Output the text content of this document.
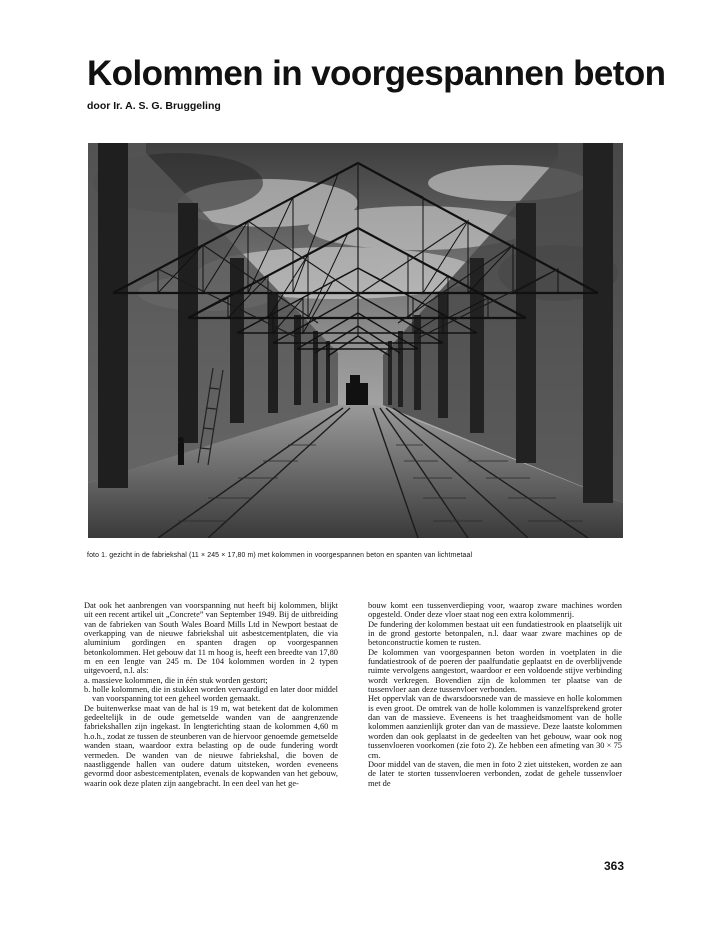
Kolommen in voorgespannen beton
door Ir. A. S. G. Bruggeling
foto 1. gezicht in de fabriekshal (11 × 245 × 17,80 m) met kolommen in voorgespannen beton en spanten van lichtmetaal

Dat ook het aanbrengen van voorspanning nut heeft bij kolommen, blijkt uit een recent artikel uit „Concrete” van September 1949. Bij de uitbreiding van de fabrieken van South Wales Board Mills Ltd in Newport bestaat de overkapping van de nieuwe fabriekshal uit asbestcementplaten, die via aluminium gordingen en spanten dragen op voorgespannen betonkolommen. Het gebouw dat 11 m hoog is, heeft een breedte van 17,80 m en een lengte van 245 m. De 104 kolommen worden in 2 typen uitgevoerd, n.l. als:

a. massieve kolommen, die in één stuk worden gestort;

b. holle kolommen, die in stukken worden vervaardigd en later door middel van voorspanning tot een geheel worden gemaakt.

De buitenwerkse maat van de hal is 19 m, wat betekent dat de kolommen gedeeltelijk in de oude gemetselde wanden van de aangrenzende fabriekshallen zijn ingekast. In lengterichting staan de kolommen 4,60 m h.o.h., zodat ze tussen de steunberen van de hiervoor genoemde gemetselde wanden staan, waardoor extra belasting op de oude fundering wordt vermeden. De wanden van de nieuwe fabriekshal, die boven de naastliggende hallen van oudere datum uitsteken, worden eveneens gevormd door asbestcementplaten, evenals de kopwanden van het gebouw, waarin ook deze platen zijn aangebracht. In een deel van het ge-

bouw komt een tussenverdieping voor, waarop zware machines worden opgesteld. Onder deze vloer staat nog een extra kolommenrij.

De fundering der kolommen bestaat uit een fundatiestrook en plaatselijk uit in de grond gestorte betonpalen, n.l. daar waar zware machines op de betonconstructie komen te rusten.

De kolommen van voorgespannen beton worden in voetplaten in die fundatiestrook of de poeren der paalfundatie geplaatst en de overblijvende ruimte vervolgens aangestort, waardoor er een voldoende stijve verbinding wordt verkregen. Bovendien zijn de kolommen ter plaatse van de tussenvloer aan deze tussenvloer verbonden.

Het oppervlak van de dwarsdoorsnede van de massieve en holle kolommen is even groot. De omtrek van de holle kolommen is vanzelfsprekend groter dan van de massieve. Eveneens is het traagheidsmoment van de holle kolommen aanzienlijk groter dan van de massieve. Deze laatste kolommen worden dan ook geplaatst in de gedeelten van het gebouw, waar ook nog tussenvloeren voorkomen (zie foto 2). Ze hebben een afmeting van 30 × 75 cm.

Door middel van de staven, die men in foto 2 ziet uitsteken, worden ze aan de later te storten tussenvloeren verbonden, zodat de gehele tussenvloer met de

363
